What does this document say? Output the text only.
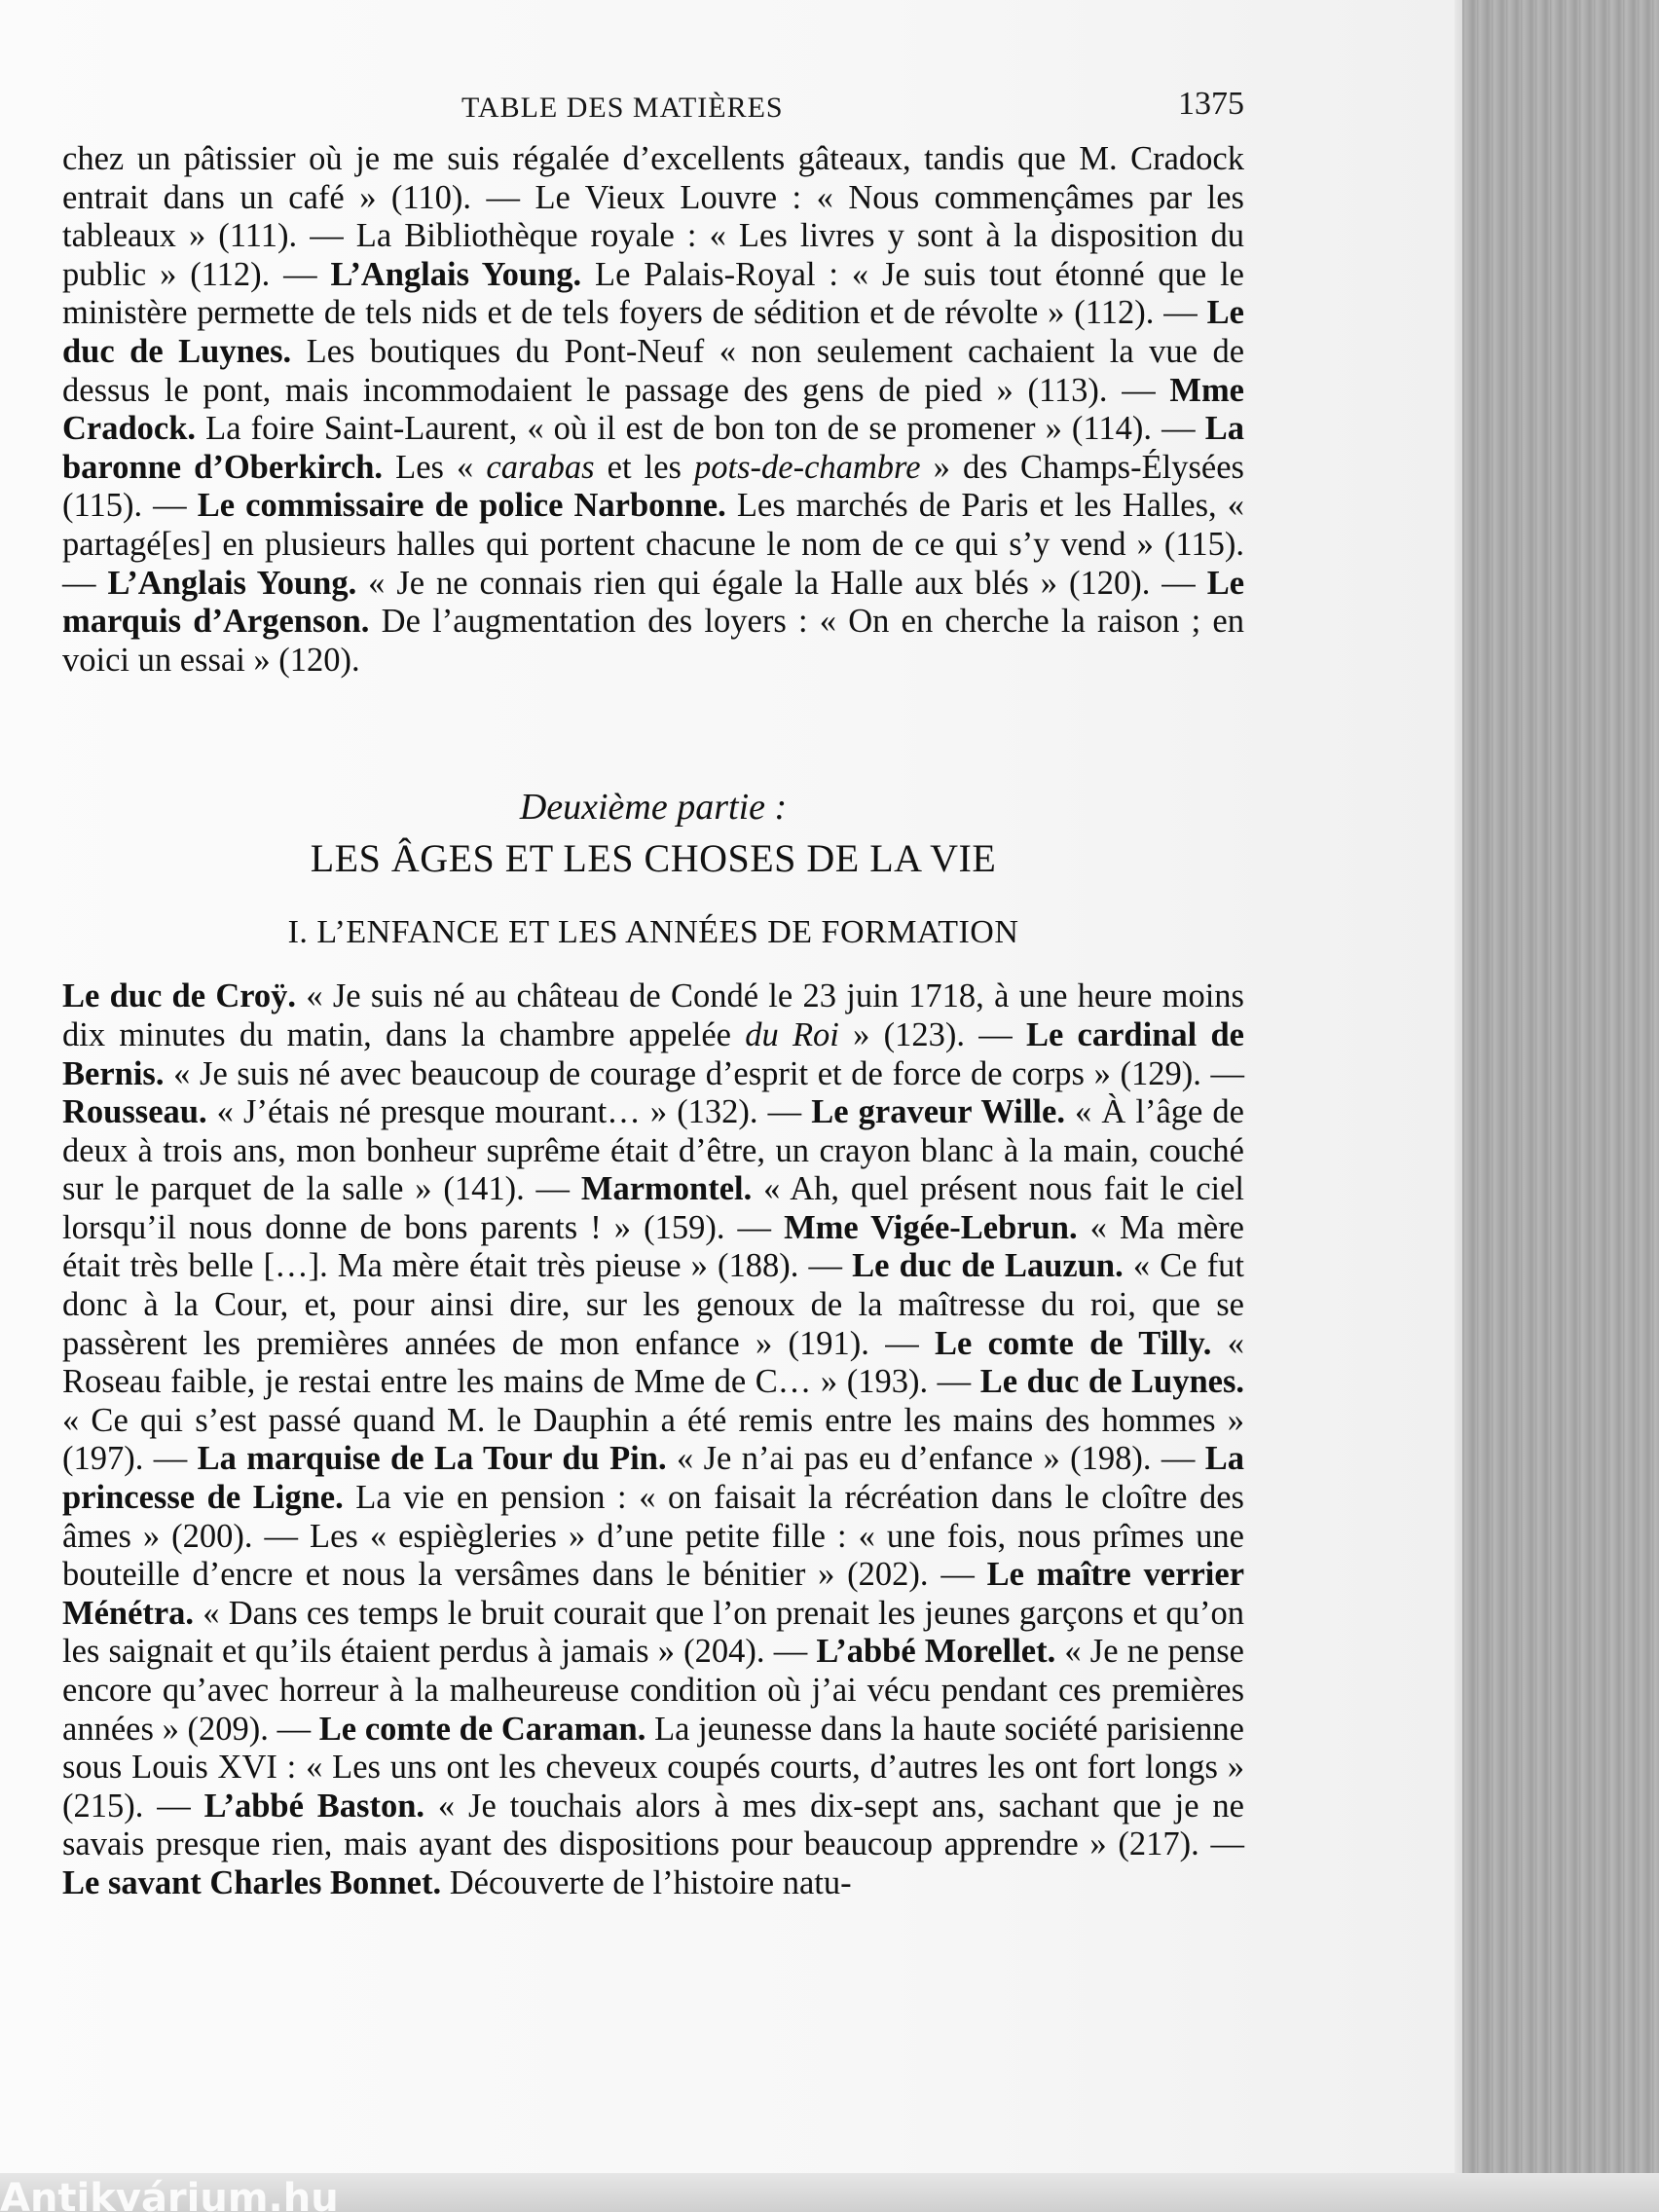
Antikvárium.hu
TABLE DES MATIÈRES	1375

chez un pâtissier où je me suis régalée d’excellents gâteaux, tandis que M. Cradock entrait dans un café » (110). — Le Vieux Louvre : « Nous commençâmes par les tableaux » (111). — La Bibliothèque royale : « Les livres y sont à la disposition du public » (112). — L’Anglais Young. Le Palais-Royal : « Je suis tout étonné que le ministère permette de tels nids et de tels foyers de sédition et de révolte » (112). — Le duc de Luynes. Les boutiques du Pont-Neuf « non seulement cachaient la vue de dessus le pont, mais incommodaient le passage des gens de pied » (113). — Mme Cradock. La foire Saint-Laurent, « où il est de bon ton de se promener » (114). — La baronne d’Oberkirch. Les « carabas et les pots-de-chambre » des Champs-Élysées (115). — Le commissaire de police Narbonne. Les marchés de Paris et les Halles, « partagé[es] en plusieurs halles qui portent chacune le nom de ce qui s’y vend » (115). — L’Anglais Young. « Je ne connais rien qui égale la Halle aux blés » (120). — Le marquis d’Argenson. De l’augmentation des loyers : « On en cherche la raison ; en voici un essai » (120).

Deuxième partie :

LES ÂGES ET LES CHOSES DE LA VIE

I. L’ENFANCE ET LES ANNÉES DE FORMATION

Le duc de Croÿ. « Je suis né au château de Condé le 23 juin 1718, à une heure moins dix minutes du matin, dans la chambre appelée du Roi » (123). — Le cardinal de Bernis. « Je suis né avec beaucoup de courage d’esprit et de force de corps » (129). — Rousseau. « J’étais né presque mourant… » (132). — Le graveur Wille. « À l’âge de deux à trois ans, mon bonheur suprême était d’être, un crayon blanc à la main, couché sur le parquet de la salle » (141). — Marmontel. « Ah, quel présent nous fait le ciel lorsqu’il nous donne de bons parents ! » (159). — Mme Vigée-Lebrun. « Ma mère était très belle […]. Ma mère était très pieuse » (188). — Le duc de Lauzun. « Ce fut donc à la Cour, et, pour ainsi dire, sur les genoux de la maîtresse du roi, que se passèrent les premières années de mon enfance » (191). — Le comte de Tilly. « Roseau faible, je restai entre les mains de Mme de C… » (193). — Le duc de Luynes. « Ce qui s’est passé quand M. le Dauphin a été remis entre les mains des hommes » (197). — La marquise de La Tour du Pin. « Je n’ai pas eu d’enfance » (198). — La princesse de Ligne. La vie en pension : « on faisait la récréation dans le cloître des âmes » (200). — Les « espiègleries » d’une petite fille : « une fois, nous prîmes une bouteille d’encre et nous la versâmes dans le bénitier » (202). — Le maître verrier Ménétra. « Dans ces temps le bruit courait que l’on prenait les jeunes garçons et qu’on les saignait et qu’ils étaient perdus à jamais » (204). — L’abbé Morellet. « Je ne pense encore qu’avec horreur à la malheureuse condition où j’ai vécu pendant ces premières années » (209). — Le comte de Caraman. La jeunesse dans la haute société parisienne sous Louis XVI : « Les uns ont les cheveux coupés courts, d’autres les ont fort longs » (215). — L’abbé Baston. « Je touchais alors à mes dix-sept ans, sachant que je ne savais presque rien, mais ayant des dispositions pour beaucoup apprendre » (217). — Le savant Charles Bonnet. Découverte de l’histoire natu-
